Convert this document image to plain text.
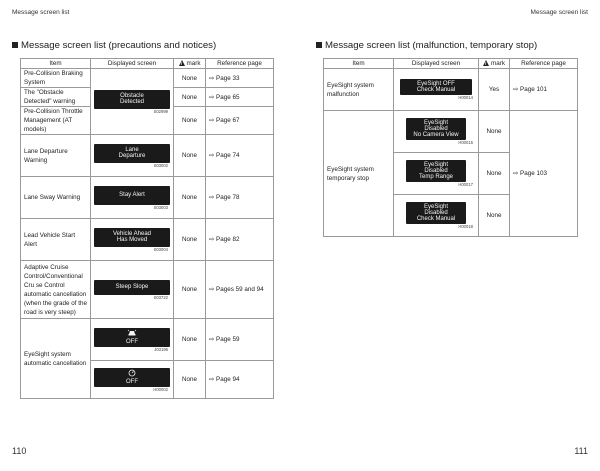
Message screen list	Message screen list
Message screen list (precautions and notices)
Item	Displayed screen	!mark	Reference page
Pre-Collision Braking System	Obstacle
Detected
S02999	None	⇨ Page 33
The "Obstacle Detected" warning		None	⇨ Page 65
Pre-Collision Throttle Management (AT models)		None	⇨ Page 67
Lane Departure Warning	Lane
Departure
S03002	None	⇨ Page 74
Lane Sway Warning	Stay Alert
S03003	None	⇨ Page 78
Lead Vehicle Start Alert	Vehicle Ahead
Has Moved
S03004	None	⇨ Page 82
Adaptive Cruise Control/Conventional Cru se Control automatic cancellation (when the grade of the road is very steep)	Steep Slope
S03722	None	⇨ Pages 59 and 94
EyeSight system automatic cancellation	OFF
J03196	None	⇨ Page 59

	OFF
H00002	None	⇨ Page 94
110
Message screen list (malfunction, temporary stop)
Item	Displayed screen	!mark	Reference page
EyeSight system malfunction	EyeSight OFF
Check Manual
H00014	Yes	⇨ Page 101
EyeSight system temporary stop	EyeSight
Disabled
No Camera View
H00015	None	⇨ Page 103

	EyeSight
Disabled
Temp Range
H00017	None	

	EyeSight
Disabled
Check Manual
H00018	None	
111
